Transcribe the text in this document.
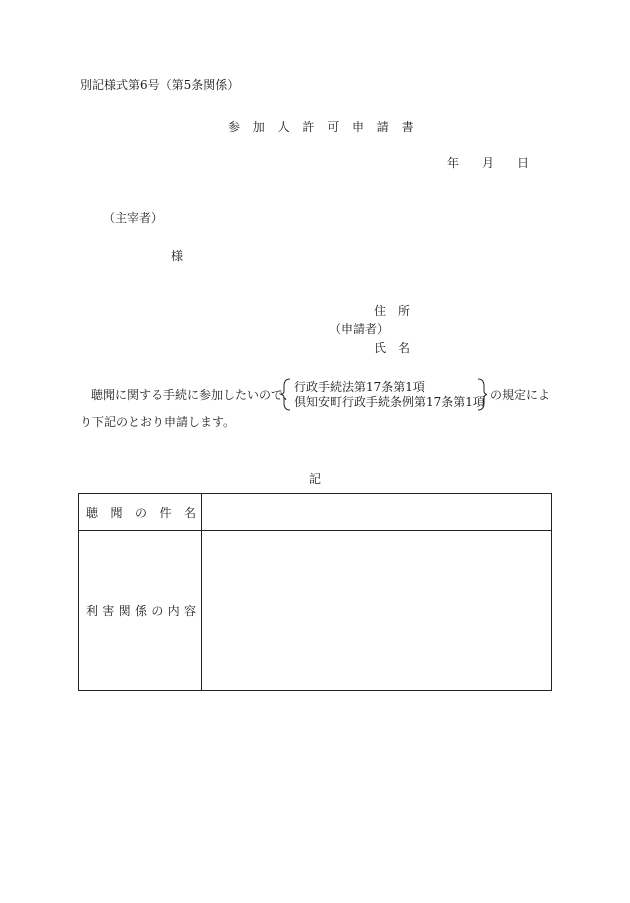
別記様式第6号（第5条関係）
参　加　人　許　可　申　請　書
年 月 日
（主宰者）
様
住　所
（申請者）
氏　名
聴聞に関する手続に参加したいので、
行政手続法第17条第1項
倶知安町行政手続条例第17条第1項 の規定によ
り下記のとおり申請します。
記
聴 聞 の 件 名
利 害 関 係 の 内 容
